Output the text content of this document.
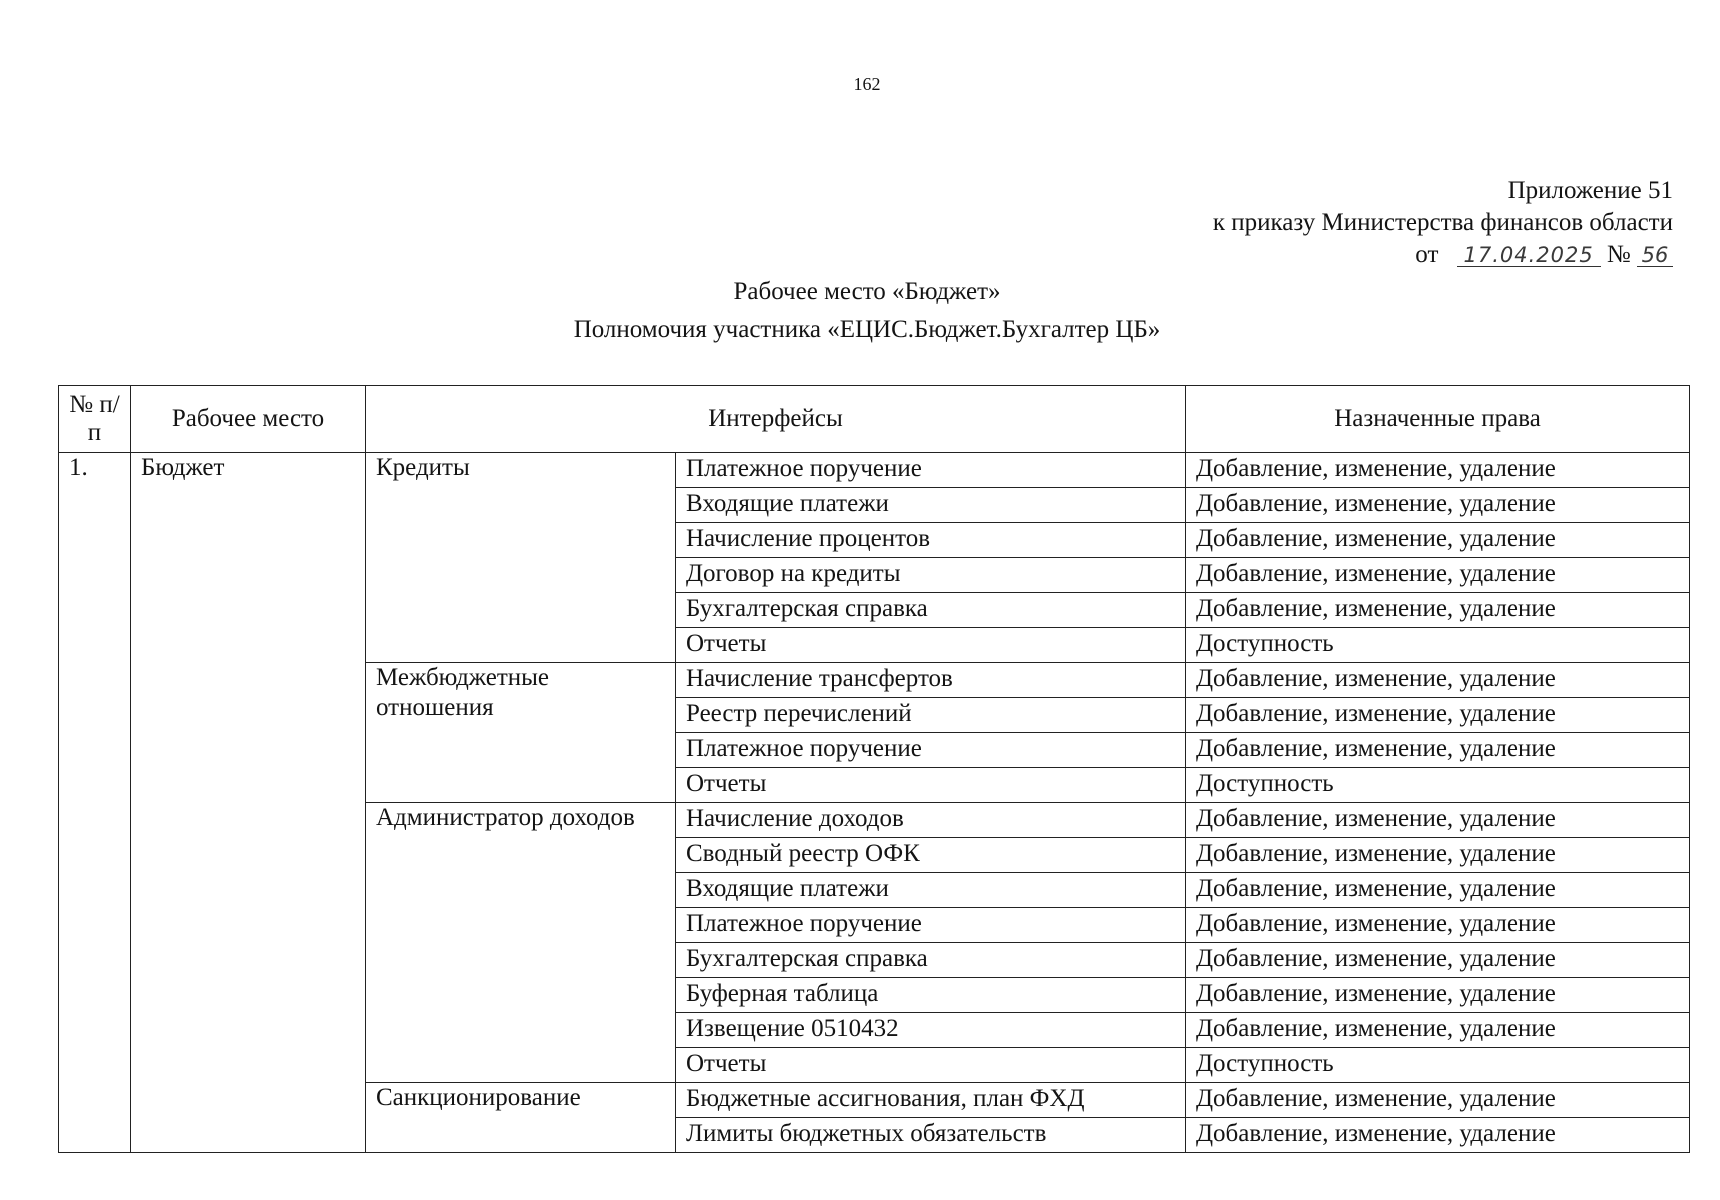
162
Приложение 51
к приказу Министерства финансов области
от 17.04.2025 № 56
Рабочее место «Бюджет»
Полномочия участника «ЕЦИС.Бюджет.Бухгалтер ЦБ»
№ п/п	Рабочее место	Интерфейсы		Назначенные права
1.	Бюджет	Кредиты	Платежное поручение	Добавление, изменение, удаление
			Входящие платежи	Добавление, изменение, удаление
			Начисление процентов	Добавление, изменение, удаление
			Договор на кредиты	Добавление, изменение, удаление
			Бухгалтерская справка	Добавление, изменение, удаление
			Отчеты	Доступность
		Межбюджетные отношения	Начисление трансфертов	Добавление, изменение, удаление
			Реестр перечислений	Добавление, изменение, удаление
			Платежное поручение	Добавление, изменение, удаление
			Отчеты	Доступность
		Администратор доходов	Начисление доходов	Добавление, изменение, удаление
			Сводный реестр ОФК	Добавление, изменение, удаление
			Входящие платежи	Добавление, изменение, удаление
			Платежное поручение	Добавление, изменение, удаление
			Бухгалтерская справка	Добавление, изменение, удаление
			Буферная таблица	Добавление, изменение, удаление
			Извещение 0510432	Добавление, изменение, удаление
			Отчеты	Доступность
		Санкционирование	Бюджетные ассигнования, план ФХД	Добавление, изменение, удаление
			Лимиты бюджетных обязательств	Добавление, изменение, удаление
